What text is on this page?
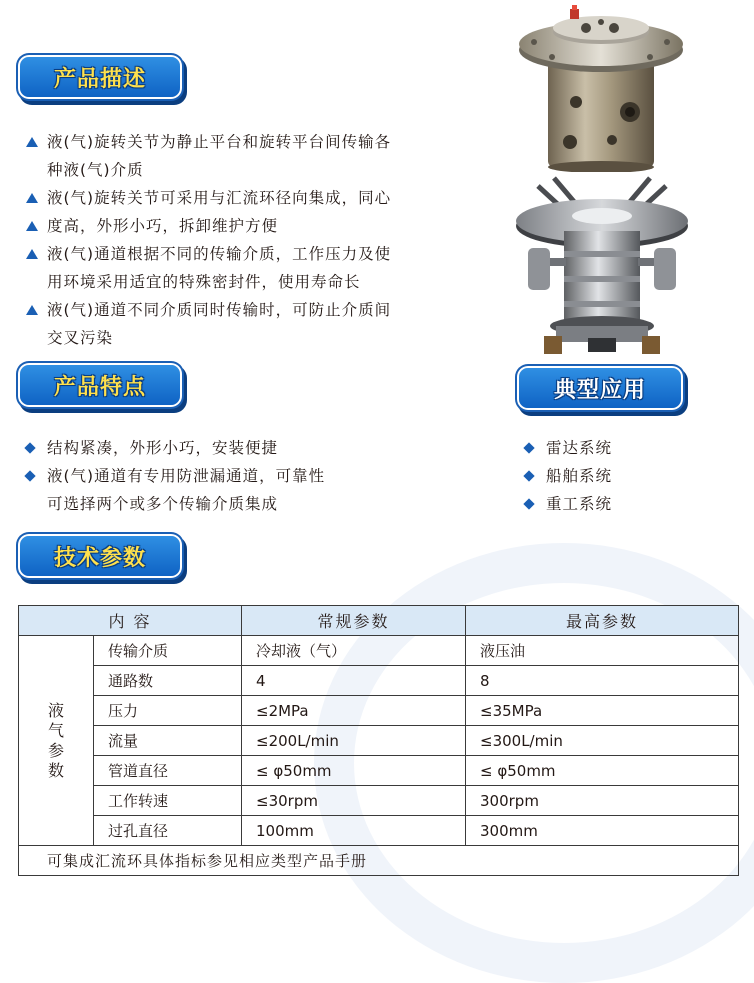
产品描述
产品特点	典型应用
技术参数
液(气)旋转关节为静止平台和旋转平台间传输各
种液(气)介质
液(气)旋转关节可采用与汇流环径向集成，同心
度高，外形小巧，拆卸维护方便
液(气)通道根据不同的传输介质，工作压力及使
用环境采用适宜的特殊密封件，使用寿命长
液(气)通道不同介质同时传输时，可防止介质间
交叉污染
结构紧凑，外形小巧，安装便捷
液(气)通道有专用防泄漏通道，可靠性
可选择两个或多个传输介质集成
雷达系统
船舶系统
重工系统
内 容		常规参数	最高参数
液
气
参
数	传输介质	冷却液（气）	液压油
	通路数	4	8
	压力	≤2MPa	≤35MPa
	流量	≤200L/min	≤300L/min
	管道直径	≤ φ50mm	≤ φ50mm
	工作转速	≤30rpm	300rpm
	过孔直径	100mm	300mm
可集成汇流环具体指标参见相应类型产品手册			
